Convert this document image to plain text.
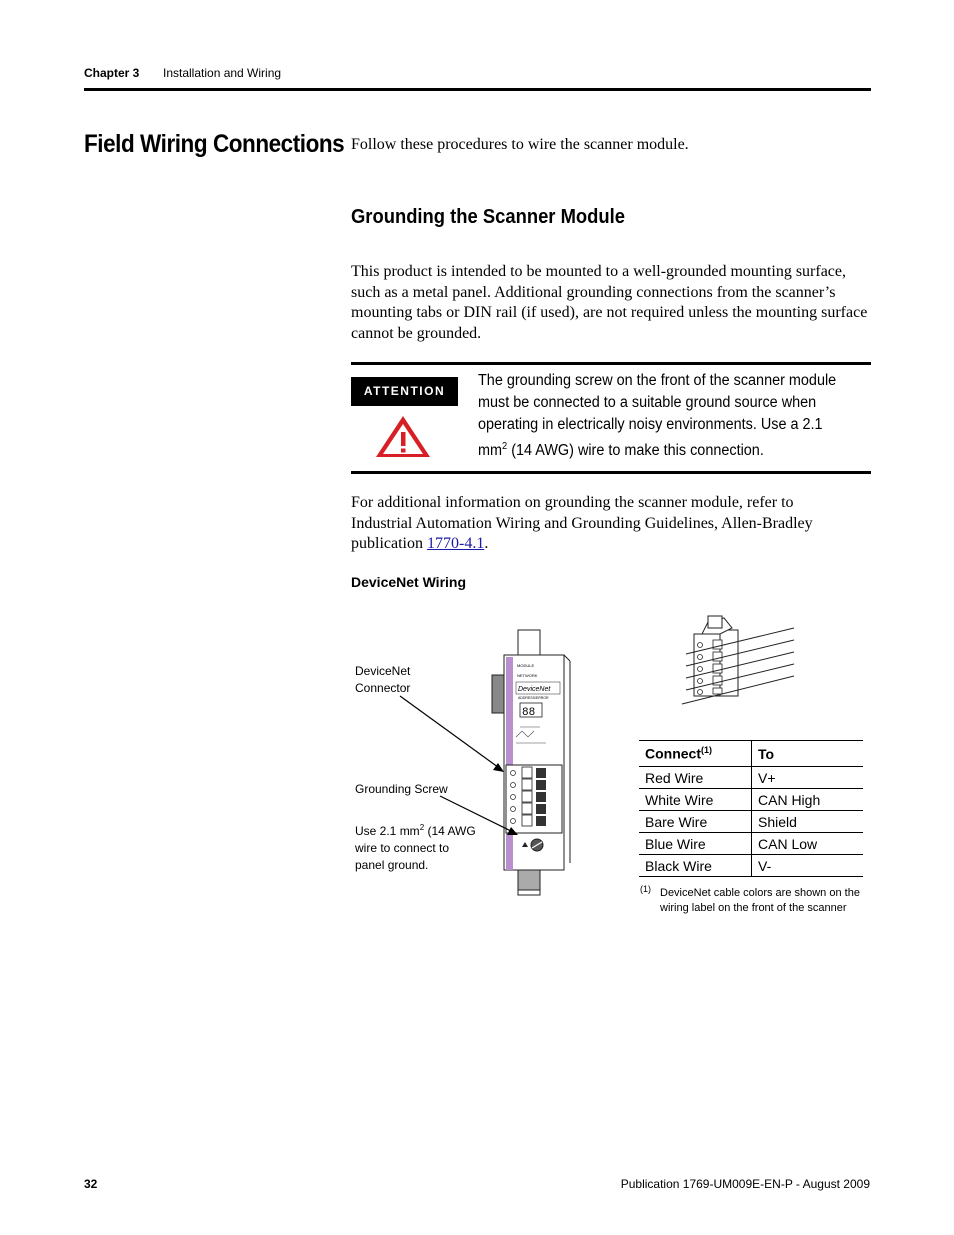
Chapter 3 Installation and Wiring
Field Wiring Connections Follow these procedures to wire the scanner module.
Grounding the Scanner Module
This product is intended to be mounted to a well-grounded mounting surface, such as a metal panel. Additional grounding connections from the scanner’s mounting tabs or DIN rail (if used), are not required unless the mounting surface cannot be grounded.
ATTENTION
The grounding screw on the front of the scanner module must be connected to a suitable ground source when operating in electrically noisy environments. Use a 2.1 $mm^2$ (14 AWG) wire to make this connection.
For additional information on grounding the scanner module, refer to Industrial Automation Wiring and Grounding Guidelines, Allen-Bradley publication 1770-4.1.
DeviceNet Wiring
DeviceNet
Connector
Grounding Screw
Use 2.1 $mm^2$ (14 AWG
wire to connect to
panel ground.
MODULE
NETWORK
DeviceNet
ADDRESS/ERROR
88
Connect$^{(1)}$	To
Red Wire	V+
White Wire	CAN High
Bare Wire	Shield
Blue Wire	CAN Low
Black Wire	V-
(1) DeviceNet cable colors are shown on the wiring label on the front of the scanner
32	Publication 1769-UM009E-EN-P - August 2009
